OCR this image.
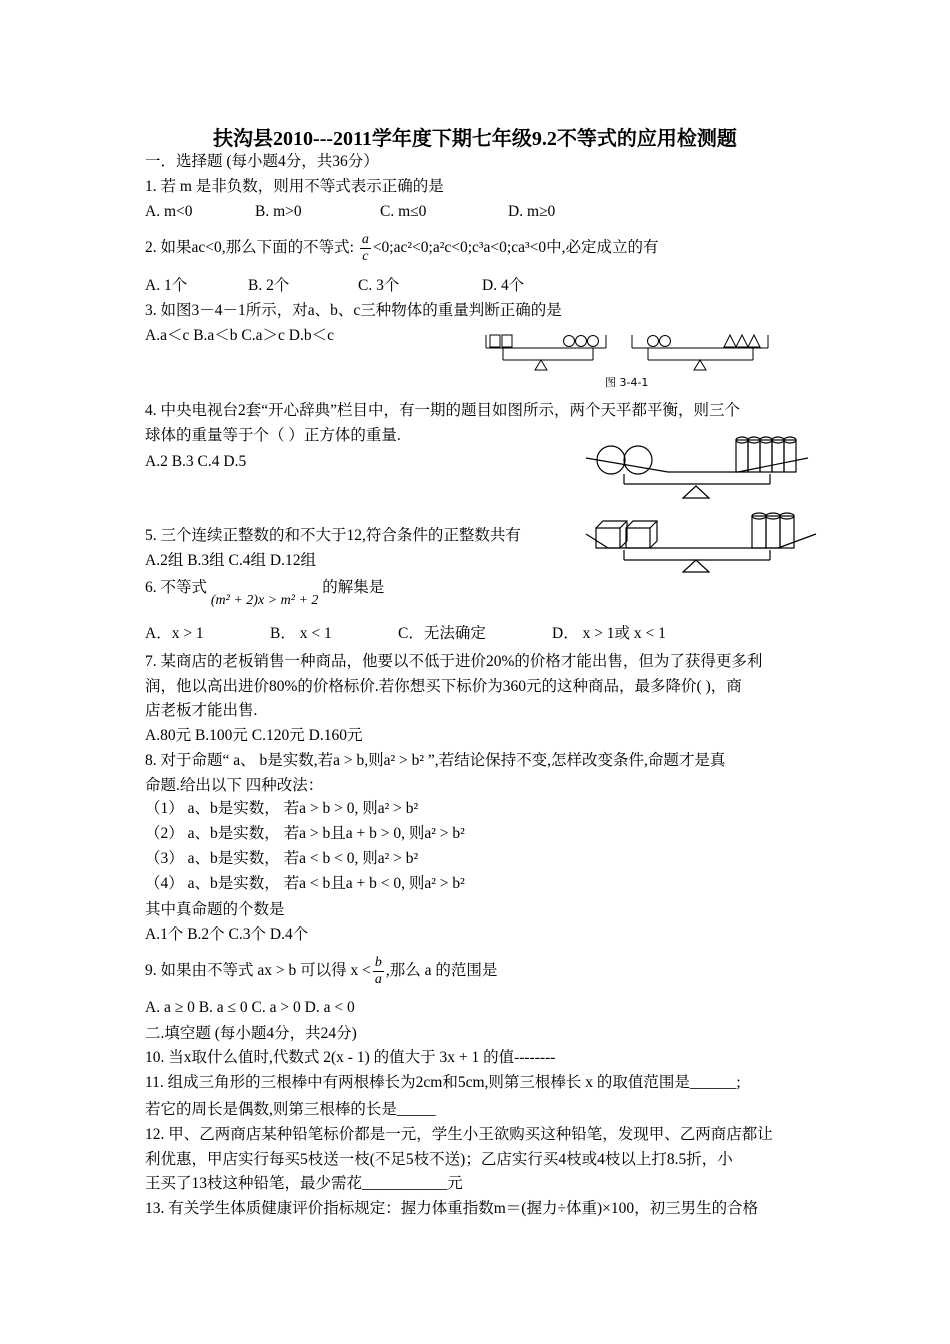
扶沟县2010---2011学年度下期七年级9.2不等式的应用检测题
一．选择题 (每小题4分，共36分）
1. 若 m 是非负数，则用不等式表示正确的是
A. m<0	B. m>0	C. m≤0	D. m≥0
2. 如果ac<0,那么下面的不等式: $\frac{a}{c}$ <0;ac²<0;a²c<0;c³a<0;ca³<0中,必定成立的有
A. 1个	B. 2个	C. 3个	D. 4个
3. 如图3－4－1所示，对a、b、c三种物体的重量判断正确的是
A.a＜c B.a＜b C.a＞c D.b＜c
图 3-4-1
4. 中央电视台2套“开心辞典”栏目中，有一期的题目如图所示，两个天平都平衡，则三个
球体的重量等于个（ ）正方体的重量.
A.2 B.3 C.4 D.5
5. 三个连续正整数的和不大于12,符合条件的正整数共有
A.2组 B.3组 C.4组 D.12组
6. 不等式 (m² + 2)x > m² + 2 的解集是
A．x > 1	B． x < 1	C．无法确定	D． x > 1或 x < 1
7. 某商店的老板销售一种商品，他要以不低于进价20%的价格才能出售，但为了获得更多利
润，他以高出进价80%的价格标价.若你想买下标价为360元的这种商品，最多降价( )，商
店老板才能出售.
A.80元 B.100元 C.120元 D.160元
8. 对于命题“ a、 b是实数,若a > b,则a² > b² ”,若结论保持不变,怎样改变条件,命题才是真
命题.给出以下 四种改法：
（1） a、b是实数， 若a > b > 0, 则a² > b²
（2） a、b是实数， 若a > b且a + b > 0, 则a² > b²
（3） a、b是实数， 若a < b < 0, 则a² > b²
（4） a、b是实数， 若a < b且a + b < 0, 则a² > b²
其中真命题的个数是
A.1个 B.2个 C.3个 D.4个
9. 如果由不等式 ax > b 可以得 $x < \frac{b}{a}$ ,那么 a 的范围是
A. a ≥ 0 B. a ≤ 0 C. a > 0 D. a < 0
二.填空题 (每小题4分，共24分)
10. 当x取什么值时,代数式 2(x - 1) 的值大于 3x + 1 的值--------
11. 组成三角形的三根棒中有两根棒长为2cm和5cm,则第三根棒长 x 的取值范围是______;
若它的周长是偶数,则第三根棒的长是_____
12. 甲、乙两商店某种铅笔标价都是一元，学生小王欲购买这种铅笔，发现甲、乙两商店都让
利优惠，甲店实行每买5枝送一枝(不足5枝不送)；乙店实行买4枝或4枝以上打8.5折，小
王买了13枝这种铅笔，最少需花___________元
13. 有关学生体质健康评价指标规定：握力体重指数m＝(握力÷体重)×100，初三男生的合格
